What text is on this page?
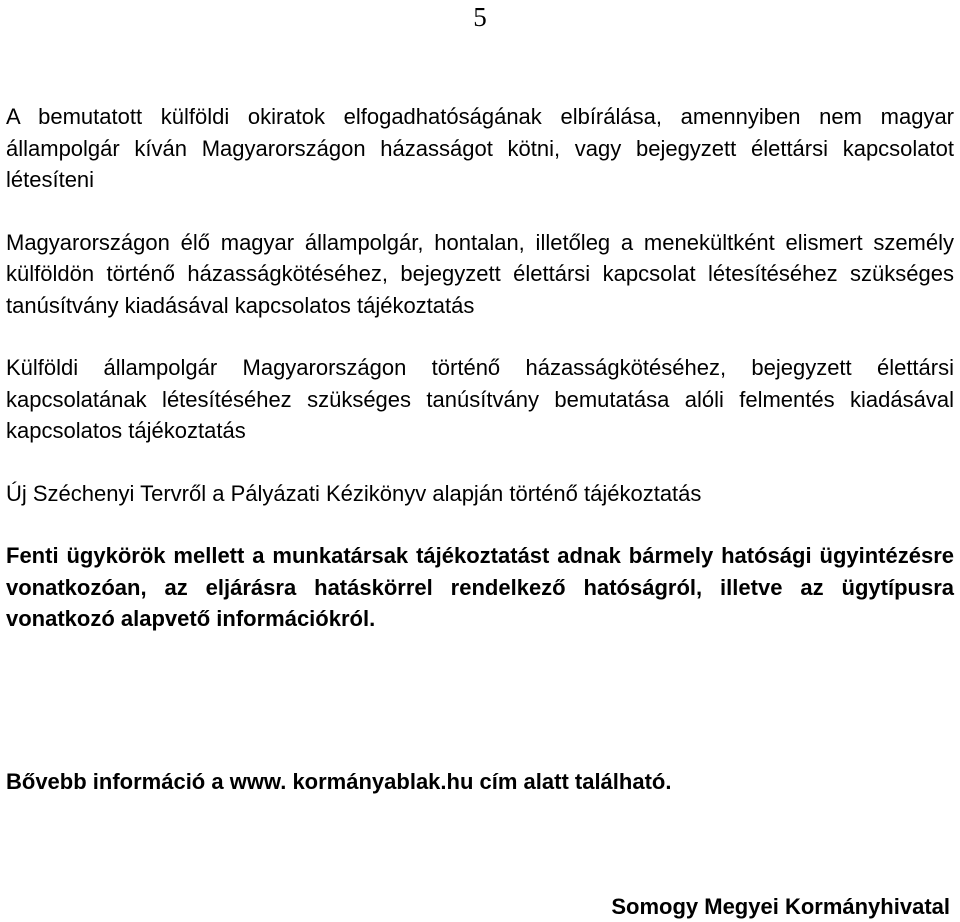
5

A bemutatott külföldi okiratok elfogadhatóságának elbírálása, amennyiben nem magyar állampolgár kíván Magyarországon házasságot kötni, vagy bejegyzett élettársi kapcsolatot létesíteni

Magyarországon élő magyar állampolgár, hontalan, illetőleg a menekültként elismert személy külföldön történő házasságkötéséhez, bejegyzett élettársi kapcsolat létesítéséhez szükséges tanúsítvány kiadásával kapcsolatos tájékoztatás

Külföldi állampolgár Magyarországon történő házasságkötéséhez, bejegyzett élettársi kapcsolatának létesítéséhez szükséges tanúsítvány bemutatása alóli felmentés kiadásával kapcsolatos tájékoztatás

Új Széchenyi Tervről a Pályázati Kézikönyv alapján történő tájékoztatás

Fenti ügykörök mellett a munkatársak tájékoztatást adnak bármely hatósági ügyintézésre vonatkozóan, az eljárásra hatáskörrel rendelkező hatóságról, illetve az ügytípusra vonatkozó alapvető információkról.

Bővebb információ a www. kormányablak.hu cím alatt található.
Somogy Megyei Kormányhivatal
